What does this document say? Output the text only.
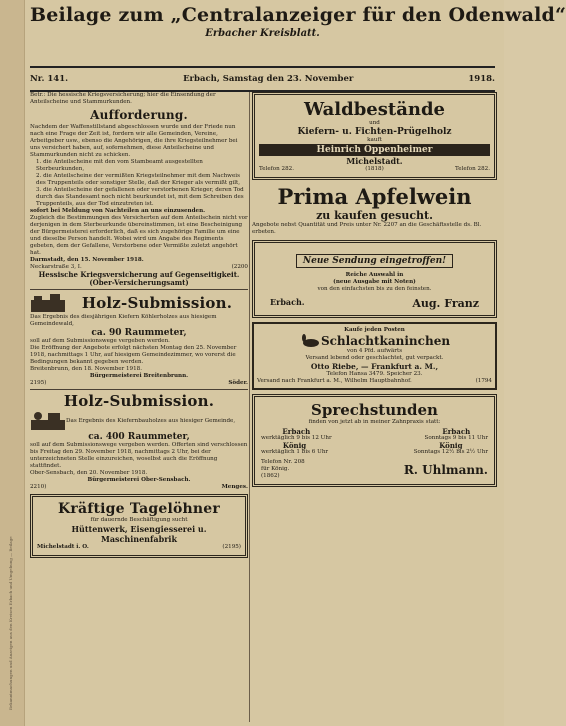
Bekanntmachungen und Anzeigen aus den Kreisen Erbach und Umgebung — Beilage
Beilage zum „Centralanzeiger für den Odenwald“
Erbacher Kreisblatt.
Nr. 141.	Erbach, Samstag den 23. November	1918.
Betr.: Die hessische Kriegsversicherung; hier die Einsendung der Anteilscheine und Stammurkunden.
Aufforderung.
Nachdem der Waffenstillstand abgeschlossen wurde und der Friede nun nach eine Frage der Zeit ist, fordern wir alle Gemeinden, Vereine, Arbeitgeber usw., ebenso die Angehörigen, die ihre Kriegsteilnehmer bei uns versichert haben, auf, sofernehmen, diese Anteilscheine und Stammurkunden nicht zu schicken.
1. die Anteilscheine mit den vom Stambeamt ausgestellten Sterbeurkunden,
2. die Anteilscheine der vermißten Kriegsteilnehmer mit dem Nachweis des Truppenteils oder sonstiger Stelle, daß der Krieger als vermißt gilt,
3. die Anteilscheine der gefallenen oder verstorbenen Krieger, deren Tod durch das Standesamt noch nicht beurkundet ist, mit dem Schreiben des Truppenteils, aus der Tod einzutreten ist.
sofort bei Meldung von Nachteilen an uns einzusenden.
Zugleich die Bestimmungen des Versicherten auf dem Anteilschein nicht vor derjenigen in dem Sterbeurkunde übereinstimmen, ist eine Bescheinigung der Bürgermeisterei erforderlich, daß es sich zugehörige Familie um eine und dieselbe Person handelt. Wobei wird um Angabe des Regiments gebeten, dem der Gefallene, Verstorbene oder Vermißte zuletzt angehört hat.
Darmstadt, den 15. November 1918.
Neckarstraße 3, I.	(2200
Hessische Kriegsversicherung auf Gegenseitigkeit. (Ober-Versicherungsamt)
Holz-Submission.
Das Ergebnis des diesjährigen Kiefern Köhlerholzes aus hiesigem Gemeindewald,
ca. 90 Raummeter,
soll auf dem Submissionswege vergeben werden.
Die Eröffnung der Angebote erfolgt nächsten Montag den 25. November 1918, nachmittags 1 Uhr, auf hiesigem Gemeindezimmer, wo vorerst die Bedingungen bekannt gegeben werden.
Breitenbrunn, den 18. November 1918.
Bürgermeisterei Breitenbrunn.
2195)	Söder.
Holz-Submission.
Das Ergebnis des Kiefernbauholzes aus hiesiger Gemeinde,
ca. 400 Raummeter,
soll auf dem Submissionswege vergeben werden. Offerten sind verschlossen bis Freitag den 29. November 1918, nachmittags 2 Uhr, bei der unterzeichneten Stelle einzureichen, woselbst auch die Eröffnung stattfindet.
Ober-Sensbach, den 20. November 1918.
Bürgermeisterei Ober-Sensbach.
2210)	Menges.
Kräftige Tagelöhner
für dauernde Beschäftigung sucht
Hüttenwerk, Eisengiesserei u. Maschinenfabrik
Michelstadt i. O.	(2195)
Waldbestände
und
Kiefern- u. Fichten-Prügelholz
kauft
Heinrich Oppenheimer
Michelstadt.
Telefon 282.	(1818)	Telefon 282.
Prima Apfelwein
zu kaufen gesucht.
Angebote nebst Quantität und Preis unter Nr. 2207 an die Geschäftsstelle ds. Bl. erbeten.
Neue Sendung eingetroffen!
Reiche Auswahl in
(neue Ausgabe mit Noten)
von den einfachsten bis zu den feinsten.
Erbach.	Aug. Franz
Kaufe jeden Posten
Schlachtkaninchen
von 4 Pfd. aufwärts
Versand lebend oder geschlachtet, gut verpackt.
Otto Riebe, — Frankfurt a. M.,
Telefon Hansa 3479. Speicher 23.
Versand nach Frankfurt a. M., Wilhelm Hauptbahnhof.	(1794
Sprechstunden
finden von jetzt ab in meiner Zahnpraxis statt:
Erbach
werktäglich 9 bis 12 Uhr
Erbach
Sonntags 9 bis 11 Uhr
König
werktäglich 1 bis 6 Uhr
König
Sonntags 12½ bis 2½ Uhr
Telefon Nr. 208
für König.
(1862)	R. Uhlmann.
